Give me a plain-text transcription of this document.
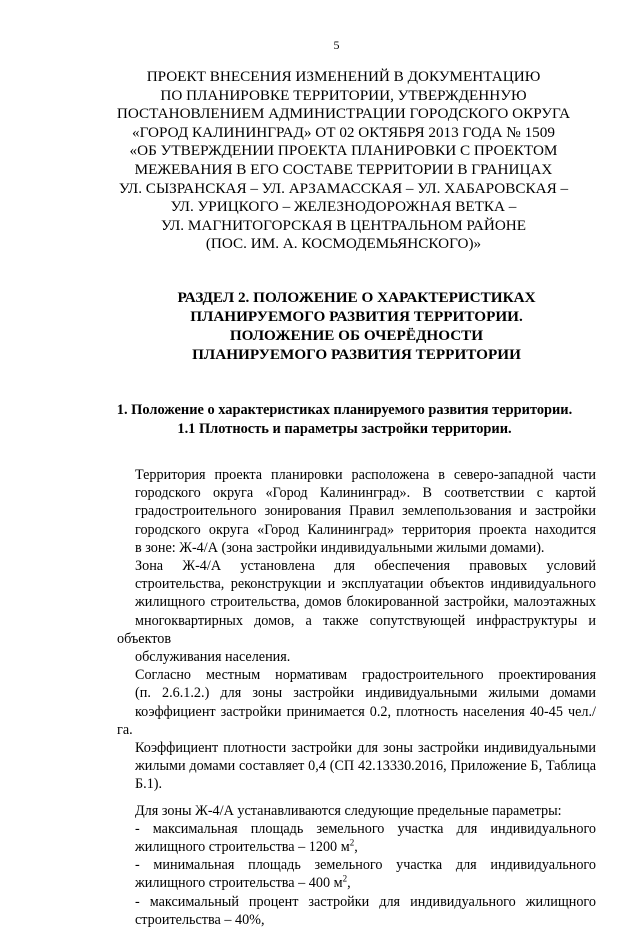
5
ПРОЕКТ ВНЕСЕНИЯ ИЗМЕНЕНИЙ В ДОКУМЕНТАЦИЮ
ПО ПЛАНИРОВКЕ ТЕРРИТОРИИ, УТВЕРЖДЕННУЮ
ПОСТАНОВЛЕНИЕМ АДМИНИСТРАЦИИ ГОРОДСКОГО ОКРУГА
«ГОРОД КАЛИНИНГРАД» ОТ 02 ОКТЯБРЯ 2013 ГОДА № 1509
«ОБ УТВЕРЖДЕНИИ ПРОЕКТА ПЛАНИРОВКИ С ПРОЕКТОМ
МЕЖЕВАНИЯ В ЕГО СОСТАВЕ ТЕРРИТОРИИ В ГРАНИЦАХ
УЛ. СЫЗРАНСКАЯ – УЛ. АРЗАМАССКАЯ – УЛ. ХАБАРОВСКАЯ –
УЛ. УРИЦКОГО – ЖЕЛЕЗНОДОРОЖНАЯ ВЕТКА –
УЛ. МАГНИТОГОРСКАЯ В ЦЕНТРАЛЬНОМ РАЙОНЕ
(ПОС. ИМ. А. КОСМОДЕМЬЯНСКОГО)»
РАЗДЕЛ 2. ПОЛОЖЕНИЕ О ХАРАКТЕРИСТИКАХ
ПЛАНИРУЕМОГО РАЗВИТИЯ ТЕРРИТОРИИ.
ПОЛОЖЕНИЕ ОБ ОЧЕРЁДНОСТИ
ПЛАНИРУЕМОГО РАЗВИТИЯ ТЕРРИТОРИИ
1. Положение о характеристиках планируемого развития территории.
1.1 Плотность и параметры застройки территории.

Территория проекта планировки расположена в северо-западной части
городского округа «Город Калининград». В соответствии с картой
градостроительного зонирования Правил землепользования и застройки
городского округа «Город Калининград» территория проекта находится
в зоне: Ж-4/А (зона застройки индивидуальными жилыми домами).

Зона Ж-4/А установлена для обеспечения правовых условий
строительства, реконструкции и эксплуатации объектов индивидуального
жилищного строительства, домов блокированной застройки, малоэтажных
многоквартирных домов, а также сопутствующей инфраструктуры и объектов
обслуживания населения.

Согласно местным нормативам градостроительного проектирования
(п. 2.6.1.2.) для зоны застройки индивидуальными жилыми домами
коэффициент застройки принимается 0.2, плотность населения 40-45 чел./га.
Коэффициент плотности застройки для зоны застройки индивидуальными
жилыми домами составляет 0,4 (СП 42.13330.2016, Приложение Б, Таблица
Б.1).

Для зоны Ж-4/А устанавливаются следующие предельные параметры:

- максимальная площадь земельного участка для индивидуального
жилищного строительства – 1200 $м^2$,

- минимальная площадь земельного участка для индивидуального
жилищного строительства – 400 $м^2$,

- максимальный процент застройки для индивидуального жилищного
строительства – 40%,
